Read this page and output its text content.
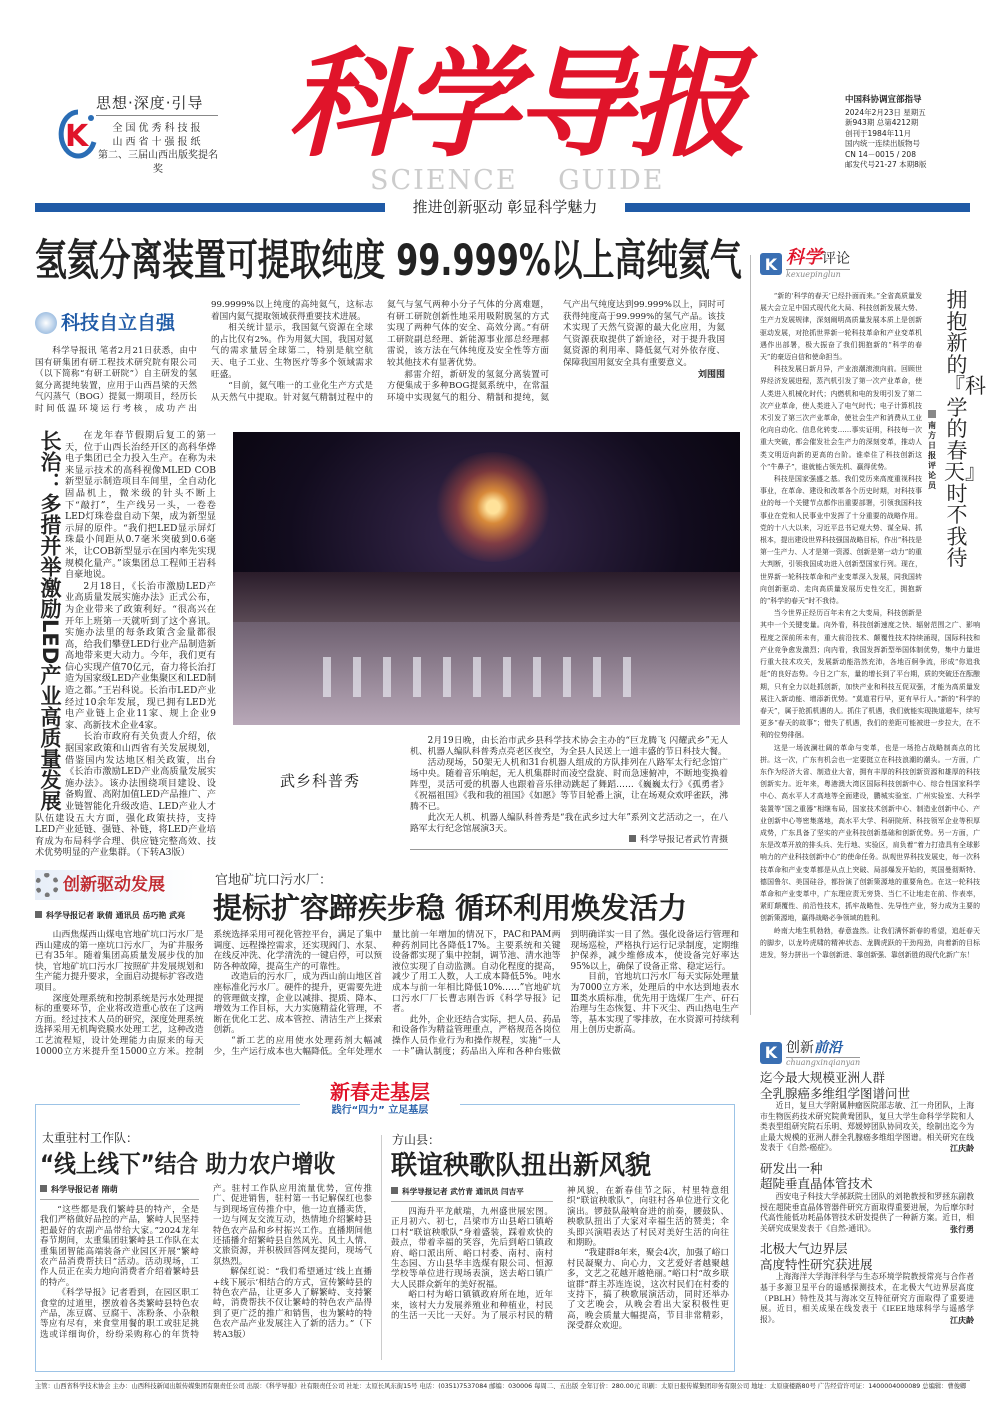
K
思想·深度·引导
全国优秀科技报
山西省十强报纸
第二、三届山西出版奖提名奖	科学导报
SCIENCE GUIDE
中国科协调宣部指导
2024年2月23日 星期五
新943期 总第4212期
创刊于1984年11月
国内统一连续出版物号
CN 14－0015 / 208
邮发代号21-27 本期8版
推进创新驱动 彰显科学魅力
氢氦分离装置可提取纯度 99.999%以上高纯氦气
科技自立自强

科学导报讯 笔者2月21日获悉，由中国有研集团有研工程技术研究院有限公司（以下简称“有研工研院”）自主研发的氢氦分离提纯装置，应用于山西昌梁的天然气闪蒸气（BOG）提氦一期项目，经历长时间低温环境运行考核，成功产出99.9999%以上纯度的高纯氦气，这标志着国内氦气提取领域获得重要技术进展。

相关统计显示，我国氦气资源在全球的占比仅有2%。作为用氦大国，我国对氦气的需求量居全球第二，特别是航空航天、电子工业、生物医疗等多个领域需求旺盛。

“目前，氦气唯一的工业化生产方式是从天然气中提取。针对氦气精制过程中的氦气与氢气两种小分子气体的分离难题，有研工研院创新性地采用吸附脱氢的方式实现了两种气体的安全、高效分离。”有研工研院副总经理、新能源事业部总经理郝雷说，该方法在气体纯度及安全性等方面较其他技术有显著优势。

郝雷介绍，新研发的氢氦分离装置可方便集成于多种BOG提氦系统中，在常温环境中实现氦气的粗分、精制和提纯，氦气产出气纯度达到99.999%以上，同时可获得纯度高于99.999%的氢气产品。该技术实现了天然气资源的最大化应用，为氦气资源获取提供了新途径，对于提升我国氦资源的利用率、降低氦气对外依存度、保障我国用氦安全具有重要意义。

刘囤囤
长治：多措并举激励LED产业高质量发展	在龙年春节假期后复工的第一天，位于山西长治经开区的高科华烨电子集团已全力投入生产。在称为未来显示技术的高科视像MLED COB新型显示制造项目车间里，全自动化固晶机上，微米级的针头不断上下“敲打”，生产线另一头，一卷卷LED灯珠卷盘自动下架，成为新型显示屏的原件。“我们把LED显示屏灯珠最小间距从0.7毫米突破到0.6毫米，让COB新型显示在国内率先实现规模化量产。”该集团总工程师王岩科自豪地说。

2月18日，《长治市激励LED产业高质量发展实施办法》正式公布，为企业带来了政策利好。“很高兴在开年上班第一天就听到了这个喜讯。实施办法里的每条政策含金量都很高，给我们攀登LED行业产品制造新高地带来更大动力。今年，我们更有信心实现产值70亿元，奋力将长治打造为国家级LED产业集聚区和LED制造之都。”王岩科说。长治市LED产业经过10余年发展，现已拥有LED光电产业链上企业11家、规上企业9家、高新技术企业4家。

长治市政府有关负责人介绍，依据国家政策和山西省有关发展规划，借鉴国内发达地区相关政策，出台《长治市激励LED产业高质量发展实施办法》。该办法围绕项目建设、设备购置、高附加值LED产品推广、产业链智能化升级改造、LED产业人才队伍建设五大方面，强化政策扶持，支持LED产业延链、强链、补链，将LED产业培育成为布局科学合理、供应链完整高效、技术优势明显的产业集群。（下转A3版）

武乡科普秀

2月19日晚，由长治市武乡县科学技术协会主办的“巨龙腾飞 闪耀武乡”无人机、机器人编队科普秀点亮老区夜空，为全县人民送上一道丰盛的节日科技大餐。

活动现场，50架无人机和31台机器人组成的方队排列在八路军太行纪念馆广场中央。随着音乐响起，无人机集群时而凌空盘旋、时而急速俯冲，不断地变换着阵型，灵活可爱的机器人也跟着音乐律动跳起了舞蹈……《巍巍太行》《孤勇者》《祝福祖国》《我和我的祖国》《如愿》等节目轮番上演，让在场观众欢呼雀跃，沸腾不已。

此次无人机、机器人编队科普秀是“我在武乡过大年”系列文艺活动之一，在八路军太行纪念馆展演3天。

科学导报记者武竹青摄
创新驱动发展
科学导报记者 耿倩 通讯员 岳巧艳 武亮
官地矿坑口污水厂：
提标扩容蹄疾步稳 循环利用焕发活力

山西焦煤西山煤电官地矿坑口污水厂是西山建成的第一座坑口污水厂，为矿井服务已有35年。随着集团高质量发展步伐的加快，官地矿坑口污水厂按照矿井发展规划和生产能力提升要求，全面启动提标扩容改造项目。

深度处理系统和控制系统是污水处理提标的重要环节，企业将改造重心放在了这两方面。经过技术人员的研究，深度处理系统选择采用无机陶瓷膜水处理工艺，这种改造工艺流程短，设计处理能力由原来的每天10000立方米提升至15000立方米。控制系统选择采用可视化管控平台，满足了集中调度、远程操控需求，还实现阀门、水泵、在线反冲洗、化学清洗的一键启停，可以预防各种故障，提高生产的可靠性。

改造后的污水厂，成为西山前山地区首座标准化污水厂。硬件的提升，更需要先进的管理做支撑，企业以减排、提质、降本、增效为工作目标，大力实施精益化管理，不断在优化工艺、成本管控、清洁生产上探索创新。

“新工艺的应用使水处理药剂大幅减少，生产运行成本也大幅降低。全年处理水量比前一年增加的情况下，PAC和PAM两种药剂同比各降低17%。主要系统和关键设备都实现了集中控制，调节池、清水池等液位实现了自动监测。自动化程度的提高，减少了用工人数，人工成本降低5%。吨水成本与前一年相比降低10%……”官地矿坑口污水厂厂长曹志刚告诉《科学导报》记者。

此外，企业还结合实际，把人员、药品和设备作为精益管理重点，严格规范各岗位操作人员作业行为和操作规程，实施“一人一卡”确认制度；药品出入库和各种台账做到明确详实一目了然。强化设备运行管理和现场巡检，严格执行运行记录制度，定期维护保养，减少维修成本，使设备完好率达95%以上，确保了设备正常、稳定运行。

目前，官地坑口污水厂每天实际处理量为7000立方米，处理后的中水达到地表水Ⅲ类水质标准，优先用于选煤厂生产、矸石治理与生态恢复、井下灭尘、西山热电生产等，基本实现了零排放，在水资源可持续利用上创历史新高。

新春走基层
践行“四力” 立足基层
太重驻村工作队：
“线上线下”结合 助力农户增收
科学导报记者 隋萌

“这些都是我们繁峙县的特产，全是我们严格做好品控的产品，繁峙人民坚持把最好的农副产品带给大家。”2024龙年春节期间，太重集团驻繁峙县工作队在太重集团智能高端装备产业园区开展“繁峙农产品消费帮扶日”活动。活动现场，工作人员正在卖力地向消费者介绍着繁峙县的特产。

《科学导报》记者看到，在园区职工食堂的过道里，摆放着各类繁峙县特色农产品，冻豆腐、豆腐干、冻粉条、小杂粮等应有尽有，来食堂用餐的职工或驻足挑选或详细询价，纷纷采购称心的年货特产。驻村工作队应用流量优势，宣传推广、促进销售，驻村第一书记解保红也参与到现场宣传推介中，他一边直播卖货，一边与网友交流互动，热情地介绍繁峙县特色农产品和乡村振兴工作。直播期间他还插播介绍繁峙县自然风光、风土人情、文旅资源，并积极回答网友提问，现场气氛热烈。

解保红说：“我们希望通过‘线上直播+线下展示’相结合的方式，宣传繁峙县的特色农产品，让更多人了解繁峙、支持繁峙，消费帮扶不仅让繁峙的特色农产品得到了更广泛的推广和销售，也为繁峙的特色农产品产业发展注入了新的活力。”（下转A3版）

方山县：
联谊秧歌队扭出新风貌
科学导报记者 武竹青 通讯员 闫吉平

四海升平龙献瑞，九州盛世展宏图。正月初六、初七，吕梁市方山县峪口镇峪口村“联谊秧歌队”身着盛装，踩着欢快的鼓点，带着幸福的笑容，先后到峪口镇政府、峪口派出所、峪口村委、南村、南村生态园、方山县华丰选煤有限公司、恒源学校等单位进行现场表演，送去峪口镇广大人民群众新年的美好祝福。

峪口村为峪口镇镇政府所在地，近年来，该村大力发展养殖业和种植业，村民的生活一天比一天好。为了展示村民的精神风貌，在新春佳节之际，村里特意组织“联谊秧歌队”，向驻村各单位进行文化演出。锣鼓队敲响奋进的前奏，腰鼓队、秧歌队扭出了大家对幸福生活的赞美；伞头即兴演唱表达了村民对美好生活的向往和期盼。

“我建群8年来，聚会4次，加强了峪口村民凝聚力、向心力，文艺爱好者越聚越多，文艺之花越开越艳丽。”峪口村“故乡联谊群”群主苏连连说，这次村民们在村委的支持下，搞了秧歌展演活动，同时还举办了文艺晚会，从晚会看出大家积极性更高，晚会质量大幅提高，节目非常精彩，深受群众欢迎。

K 科学评论
kexuepinglun

“新的‘科学的春天’已经扑面而来。”全省高质量发展大会立足中国式现代化大局、科技创新发展大势、生产力发展规律，深刻阐明高质量发展本质上是创新驱动发展，对抢抓世界新一轮科技革命和产业变革机遇作出部署，极大振奋了我们拥抱新的“科学的春天”的豪迈自信和使命担当。

科技发展日新月异，产业浪潮滚滚向前。回顾世界经济发展进程，蒸汽机引发了第一次产业革命，使人类进入机械化时代；内燃机和电的发明引发了第二次产业革命，使人类进入了电气时代；电子计算机技术引发了第三次产业革命，使社会生产和消费从工业化向自动化、信息化转变……事实证明，科技每一次重大突破，都会催发社会生产力的深刻变革，推动人类文明迈向新的更高的台阶。谁牵住了科技创新这个“牛鼻子”，谁就能占领先机、赢得优势。

科技是国家强盛之基。我们党历来高度重视科技事业，在革命、建设和改革各个历史时期，对科技事业的每一个关键节点都作出重要部署，引领我国科技事业在党和人民事业中发挥了十分重要的战略作用。党的十八大以来，习近平总书记观大势、谋全局、抓根本，提出建设世界科技强国战略目标，作出“科技是第一生产力、人才是第一资源、创新是第一动力”的重大判断，引领我国成功进入创新型国家行列。现在，世界新一轮科技革命和产业变革深入发展，同我国转向创新驱动、走向高质量发展历史性交汇，拥抱新的“科学的春天”时不我待。

当今世界正经历百年未有之大变局，科技创新是其中一个关键变量。向外看，科技创新速度之快、辐射范围之广、影响程度之深前所未有，重大前沿技术、颠覆性技术持续涌现，国际科技和产业竞争愈发激烈；向内看，我国发挥新型举国体制优势，集中力量进行重大技术攻关，发展新动能浩然充沛，各地百舸争流，形成“你追我赶”的良好态势。今日之广东，量的增长到了平台期，质的突破还在酝酿期，只有全力以赴抓创新，加快产业和科技互促双强，才能为高质量发展注入新动能、增添新优势。“莫道君行早，更有早行人。”新的“科学的春天”，属于抢抓机遇的人。抓住了机遇，我们就能实现换道超车，续写更多“春天的故事”；错失了机遇，我们的差距可能被进一步拉大，在不利的位势徘徊。

这是一场波澜壮阔的革命与变革，也是一场抢占战略制高点的比拼。这一次，广东有机会也一定要挺立在科技浪潮的潮头。一方面，广东作为经济大省、制造业大省，拥有丰厚的科技创新资源和雄厚的科技创新实力。近年来，粤港澳大湾区国际科技创新中心、综合性国家科学中心、高水平人才高地等全面建设，鹏城实验室、广州实验室、大科学装置等“国之重器”相继布局，国家技术创新中心、制造业创新中心、产业创新中心等密集落地，高水平大学、科研院所、科技领军企业等积厚成势，广东具备了坚实的产业科技创新基础和创新优势。另一方面，广东是改革开放的排头兵、先行地、实验区，肩负着“着力打造具有全球影响力的产业科技创新中心”的使命任务。纵观世界科技发展史，每一次科技革命和产业变革都是从点上突破、局部爆发开始的，英国曼彻斯特、德国鲁尔、美国硅谷，都扮演了创新策源地的重要角色。在这一轮科技革命和产业变革中，广东理应责无旁贷、当仁不让地走在前、作表率，紧盯颠覆性、前沿性技术，抓牢战略性、先导性产业，努力成为主要的创新策源地，赢得战略必争领域的胜利。

岭南大地生机勃勃，春意盎然。让我们满怀新春的希望，追赶春天的脚步，以龙吟虎啸的精神状态、龙腾虎跃的干劲闯劲，向着新的目标进发，努力拼出一个靠创新进、靠创新强、靠创新胜的现代化新广东！

拥抱新的『科学的春天』时不我待
南方日报评论员
K 创新前沿
chuangxinqianyan
迄今最大规模亚洲人群
全乳腺癌多维组学图谱问世
近日，复旦大学附属肿瘤医院邵志敏、江一舟团队，上海市生物医药技术研究院黄鸯团队，复旦大学生命科学学院和人类表型组研究院石乐明、郑媛婷团队协同攻关，绘制出迄今为止最大规模的亚洲人群全乳腺癌多维组学图谱。相关研究在线发表于《自然-癌症》。	江庆龄
研发出一种
超陡垂直晶体管技术
西安电子科技大学郝跃院士团队的刘艳教授和罗拯东副教授在超陡垂直晶体管器件研究方面取得重要进展，为后摩尔时代高性能低功耗晶体管技术研发提供了一种新方案。近日，相关研究成果发表于《自然-通讯》。	张行勇
北极大气边界层
高度特性研究获进展
上海海洋大学海洋科学与生态环境学院教授常亮与合作者基于多源卫星平台的遥感探测技术，在北极大气边界层高度（PBLH）特性及其与海冰交互特征研究方面取得了重要进展。近日，相关成果在线发表于《IEEE地球科学与遥感学报》。	江庆龄
主管：山西省科学技术协会 主办：山西科技新闻出版传媒集团有限责任公司 出版：《科学导报》社有限责任公司 社址：太原长风东街15号 电话：(0351)7537084 邮编：030006 每周二、五出版 全年订价：280.00元 印刷：太原日报传媒集团印务有限公司 地址：太原康楼路80号 广告经营许可证：1400004000089 总编辑：曹俊卿
